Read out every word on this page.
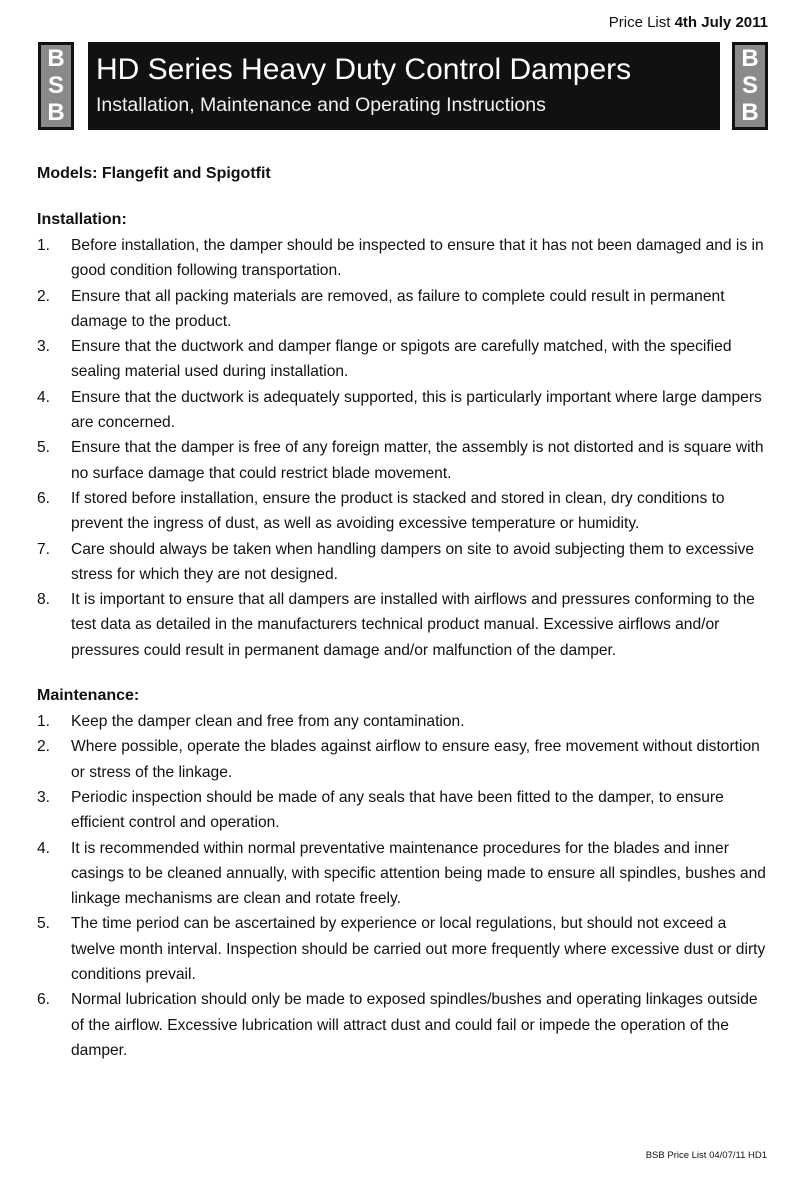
Price List 4th July 2011
B
S
B
HD Series Heavy Duty Control Dampers
Installation, Maintenance and Operating Instructions
B
S
B

Models: Flangefit and Spigotfit

Installation:

1.	Before installation, the damper should be inspected to ensure that it has not been damaged and is in good condition following transportation.
2.	Ensure that all packing materials are removed, as failure to complete could result in permanent damage to the product.
3.	Ensure that the ductwork and damper flange or spigots are carefully matched, with the specified sealing material used during installation.
4.	Ensure that the ductwork is adequately supported, this is particularly important where large dampers are concerned.
5.	Ensure that the damper is free of any foreign matter, the assembly is not distorted and is square with no surface damage that could restrict blade movement.
6.	If stored before installation, ensure the product is stacked and stored in clean, dry conditions to prevent the ingress of dust, as well as avoiding excessive temperature or humidity.
7.	Care should always be taken when handling dampers on site to avoid subjecting them to excessive stress for which they are not designed.
8.	It is important to ensure that all dampers are installed with airflows and pressures conforming to the test data as detailed in the manufacturers technical product manual. Excessive airflows and/or pressures could result in permanent damage and/or malfunction of the damper.

Maintenance:

1.	Keep the damper clean and free from any contamination.
2.	Where possible, operate the blades against airflow to ensure easy, free movement without distortion or stress of the linkage.
3.	Periodic inspection should be made of any seals that have been fitted to the damper, to ensure efficient control and operation.
4.	It is recommended within normal preventative maintenance procedures for the blades and inner casings to be cleaned annually, with specific attention being made to ensure all spindles, bushes and linkage mechanisms are clean and rotate freely.
5.	The time period can be ascertained by experience or local regulations, but should not exceed a twelve month interval. Inspection should be carried out more frequently where excessive dust or dirty conditions prevail.
6.	Normal lubrication should only be made to exposed spindles/bushes and operating linkages outside of the airflow. Excessive lubrication will attract dust and could fail or impede the operation of the damper.
BSB Price List 04/07/11 HD1
